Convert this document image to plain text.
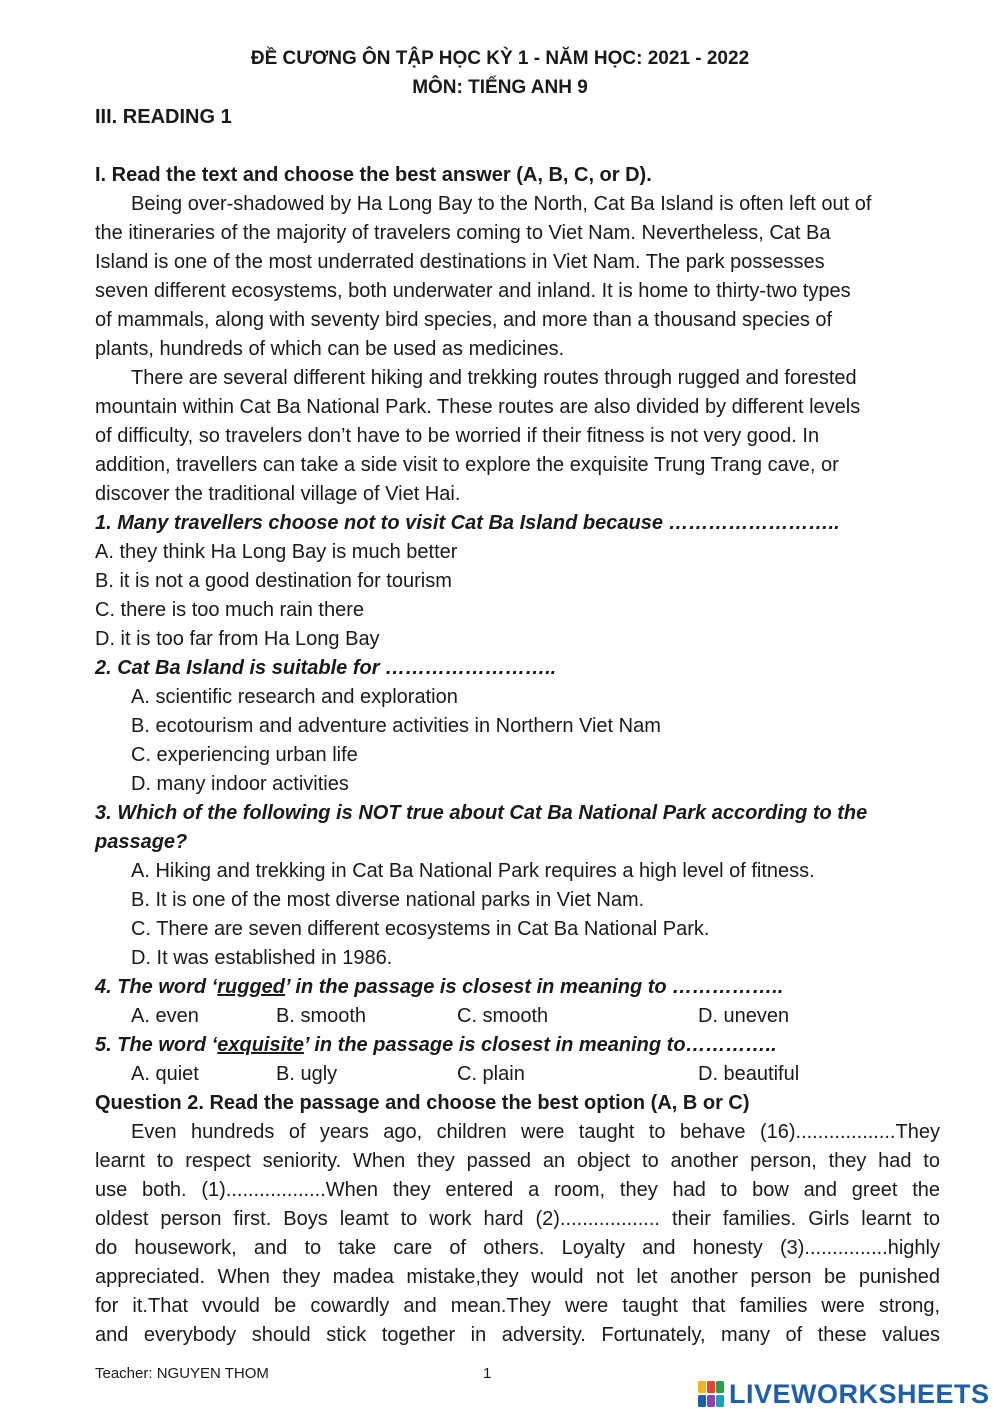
ĐỀ CƯƠNG ÔN TẬP HỌC KỲ 1 - NĂM HỌC: 2021 - 2022
MÔN: TIẾNG ANH 9
III. READING 1
I. Read the text and choose the best answer (A, B, C, or D).
Being over-shadowed by Ha Long Bay to the North, Cat Ba Island is often left out of
the itineraries of the majority of travelers coming to Viet Nam. Nevertheless, Cat Ba
Island is one of the most underrated destinations in Viet Nam. The park possesses
seven different ecosystems, both underwater and inland. It is home to thirty-two types
of mammals, along with seventy bird species, and more than a thousand species of
plants, hundreds of which can be used as medicines.
There are several different hiking and trekking routes through rugged and forested
mountain within Cat Ba National Park. These routes are also divided by different levels
of difficulty, so travelers don’t have to be worried if their fitness is not very good. In
addition, travellers can take a side visit to explore the exquisite Trung Trang cave, or
discover the traditional village of Viet Hai.
1. Many travellers choose not to visit Cat Ba Island because ……………………..
A. they think Ha Long Bay is much better
B. it is not a good destination for tourism
C. there is too much rain there
D. it is too far from Ha Long Bay
2. Cat Ba Island is suitable for ……………………..
A. scientific research and exploration
B. ecotourism and adventure activities in Northern Viet Nam
C. experiencing urban life
D. many indoor activities
3. Which of the following is NOT true about Cat Ba National Park according to the
passage?
A. Hiking and trekking in Cat Ba National Park requires a high level of fitness.
B. It is one of the most diverse national parks in Viet Nam.
C. There are seven different ecosystems in Cat Ba National Park.
D. It was established in 1986.
4. The word ‘rugged’ in the passage is closest in meaning to ……………..
A. even	B. smooth	C. smooth	D. uneven
5. The word ‘exquisite’ in the passage is closest in meaning to…………..
A. quiet	B. ugly	C. plain	D. beautiful
Question 2. Read the passage and choose the best option (A, B or C)
Even hundreds of years ago, children were taught to behave (16)..................They
learnt to respect seniority. When they passed an object to another person, they had to
use both. (1)..................When they entered a room, they had to bow and greet the
oldest person first. Boys leamt to work hard (2).................. their families. Girls learnt to
do housework, and to take care of others. Loyalty and honesty (3)...............highly
appreciated. When they madea mistake,they would not let another person be punished
for it.That vvould be cowardly and mean.They were taught that families were strong,
and everybody should stick together in adversity. Fortunately, many of these values
Teacher: NGUYEN THOM	1
LIVEWORKSHEETS
